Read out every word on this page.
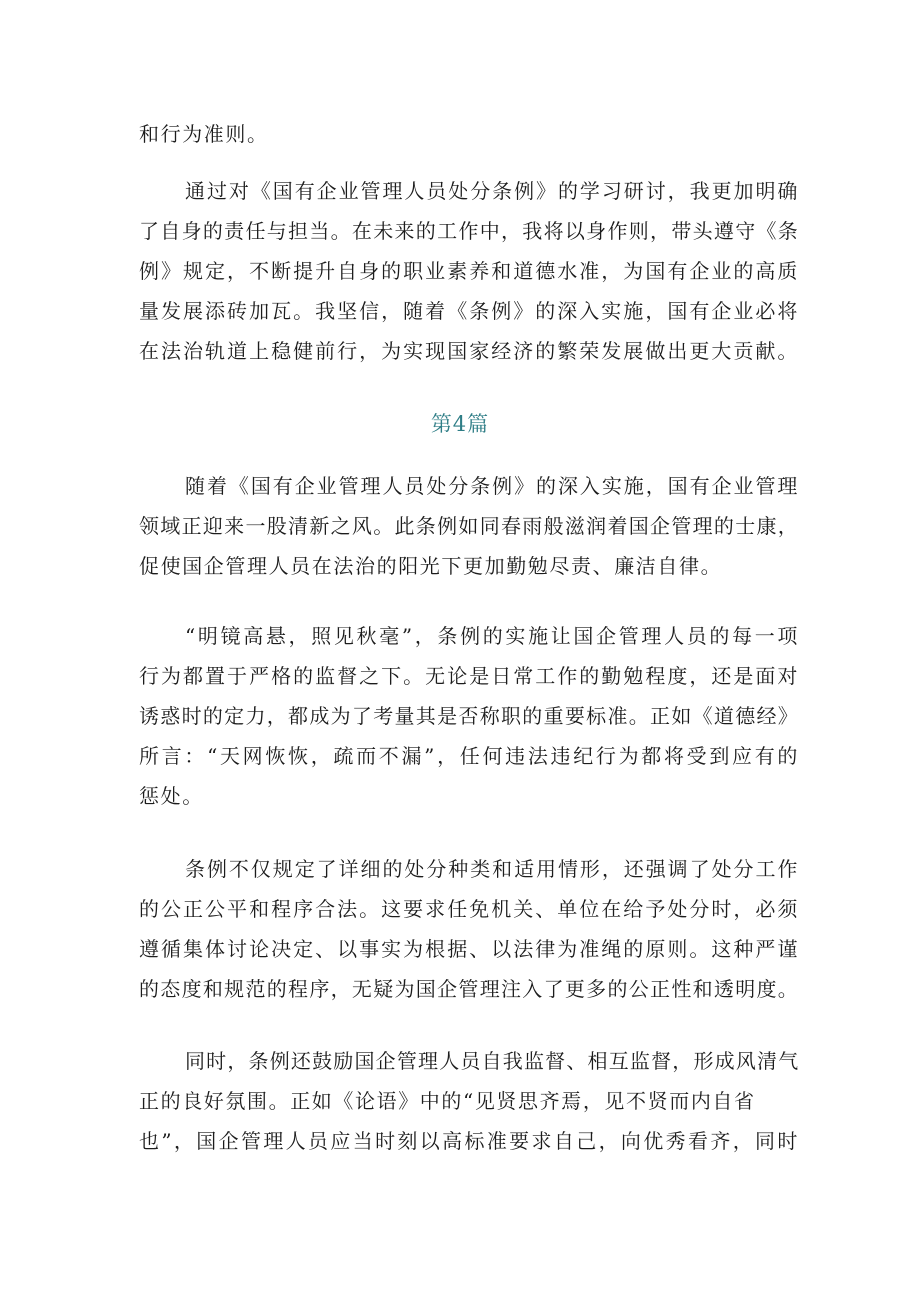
和行为准则。
通过对《国有企业管理人员处分条例》的学习研讨，我更加明确
了自身的责任与担当。在未来的工作中，我将以身作则，带头遵守《条
例》规定，不断提升自身的职业素养和道德水准，为国有企业的高质
量发展添砖加瓦。我坚信，随着《条例》的深入实施，国有企业必将
在法治轨道上稳健前行，为实现国家经济的繁荣发展做出更大贡献。
第4篇
随着《国有企业管理人员处分条例》的深入实施，国有企业管理
领域正迎来一股清新之风。此条例如同春雨般滋润着国企管理的士康，
促使国企管理人员在法治的阳光下更加勤勉尽责、廉洁自律。
“明镜高悬，照见秋毫”，条例的实施让国企管理人员的每一项
行为都置于严格的监督之下。无论是日常工作的勤勉程度，还是面对
诱惑时的定力，都成为了考量其是否称职的重要标准。正如《道德经》
所言：“天网恢恢，疏而不漏”，任何违法违纪行为都将受到应有的
惩处。
条例不仅规定了详细的处分种类和适用情形，还强调了处分工作
的公正公平和程序合法。这要求任免机关、单位在给予处分时，必须
遵循集体讨论决定、以事实为根据、以法律为准绳的原则。这种严谨
的态度和规范的程序，无疑为国企管理注入了更多的公正性和透明度。
同时，条例还鼓励国企管理人员自我监督、相互监督，形成风清气
正的良好氛围。正如《论语》中的“见贤思齐焉，见不贤而内自省
也”，国企管理人员应当时刻以高标准要求自己，向优秀看齐，同时
